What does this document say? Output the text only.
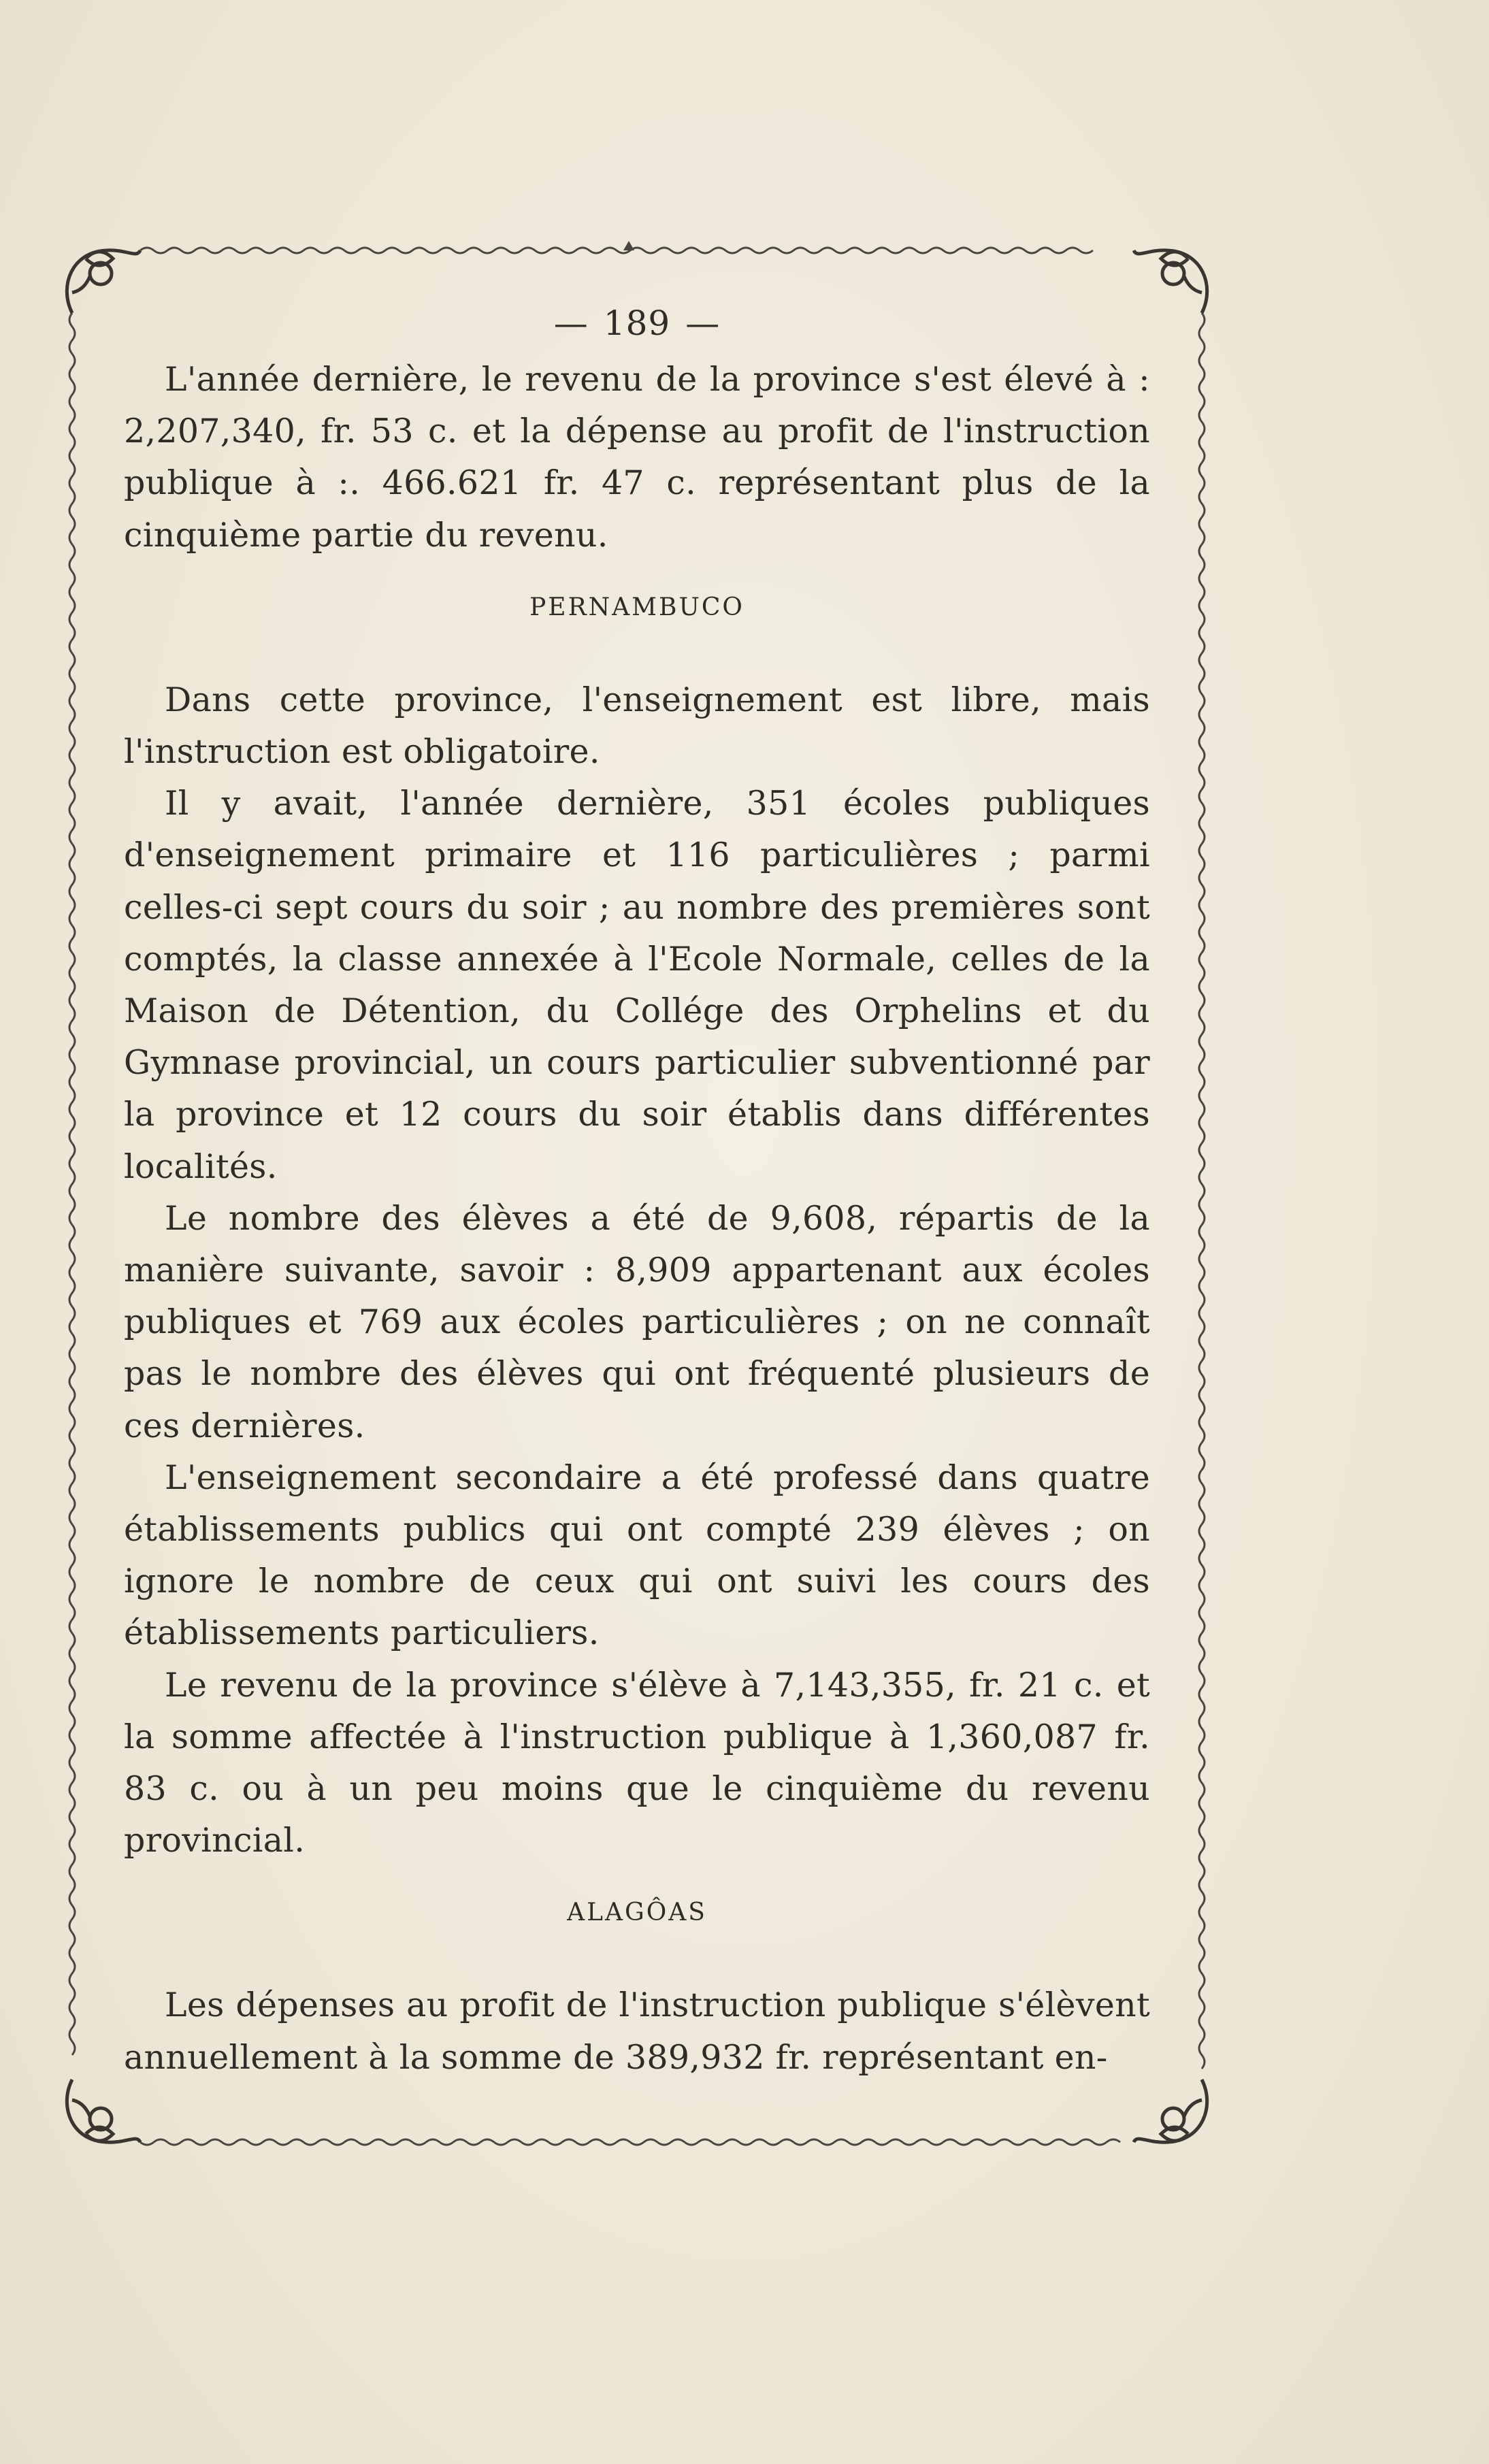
— 189 —

L'année dernière, le revenu de la province s'est élevé à : 2,207,340, fr. 53 c. et la dépense au profit de l'instruction publique à :. 466.621 fr. 47 c. représentant plus de la cinquième partie du revenu.

PERNAMBUCO

Dans cette province, l'enseignement est libre, mais l'instruction est obligatoire.

Il y avait, l'année dernière, 351 écoles publiques d'enseignement primaire et 116 particulières ; parmi celles-ci sept cours du soir ; au nombre des premières sont comptés, la classe annexée à l'Ecole Normale, celles de la Maison de Détention, du Collége des Orphelins et du Gymnase provincial, un cours particulier subventionné par la province et 12 cours du soir établis dans différentes localités.

Le nombre des élèves a été de 9,608, répartis de la manière suivante, savoir : 8,909 appartenant aux écoles publiques et 769 aux écoles particulières ; on ne connaît pas le nombre des élèves qui ont fréquenté plusieurs de ces dernières.

L'enseignement secondaire a été professé dans quatre établissements publics qui ont compté 239 élèves ; on ignore le nombre de ceux qui ont suivi les cours des établissements particuliers.

Le revenu de la province s'élève à 7,143,355, fr. 21 c. et la somme affectée à l'instruction publique à 1,360,087 fr. 83 c. ou à un peu moins que le cinquième du revenu provincial.

ALAGÔAS

Les dépenses au profit de l'instruction publique s'élèvent annuellement à la somme de 389,932 fr. représentant en-
